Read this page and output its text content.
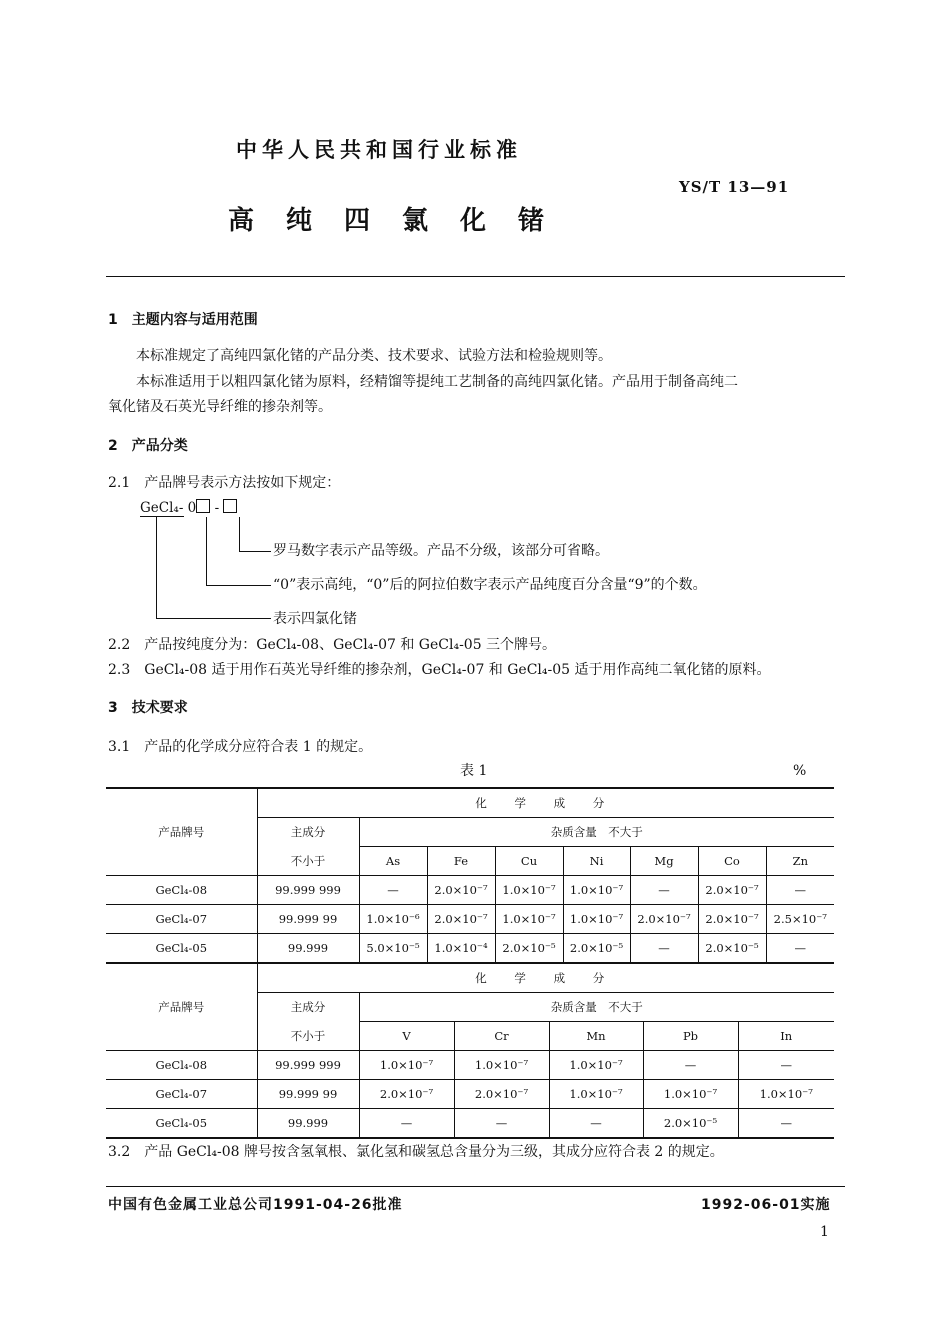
中华人民共和国行业标准
YS/T 13—91
高纯四氯化锗
1　主题内容与适用范围
本标准规定了高纯四氯化锗的产品分类、技术要求、试验方法和检验规则等。
本标准适用于以粗四氯化锗为原料，经精馏等提纯工艺制备的高纯四氯化锗。产品用于制备高纯二
氧化锗及石英光导纤维的掺杂剂等。
2　产品分类
2.1　产品牌号表示方法按如下规定：
GeCl₄- 0 -
罗马数字表示产品等级。产品不分级，该部分可省略。
“0”表示高纯，“0”后的阿拉伯数字表示产品纯度百分含量“9”的个数。
表示四氯化锗
2.2　产品按纯度分为：GeCl₄-08、GeCl₄-07 和 GeCl₄-05 三个牌号。
2.3　GeCl₄-08 适于用作石英光导纤维的掺杂剂，GeCl₄-07 和 GeCl₄-05 适于用作高纯二氧化锗的原料。
3　技术要求
3.1　产品的化学成分应符合表 1 的规定。
表 1	%
产品牌号	化 学 成 分							
	主成分	杂质含量　不大于						
	不小于	As	Fe	Cu	Ni	Mg	Co	Zn
GeCl₄-08	99.999 999	—	2.0×10⁻⁷	1.0×10⁻⁷	1.0×10⁻⁷	—	2.0×10⁻⁷	—
GeCl₄-07	99.999 99	1.0×10⁻⁶	2.0×10⁻⁷	1.0×10⁻⁷	1.0×10⁻⁷	2.0×10⁻⁷	2.0×10⁻⁷	2.5×10⁻⁷
GeCl₄-05	99.999	5.0×10⁻⁵	1.0×10⁻⁴	2.0×10⁻⁵	2.0×10⁻⁵	—	2.0×10⁻⁵	—
产品牌号	化 学 成 分					
	主成分	杂质含量　不大于				
	不小于	V	Cr	Mn	Pb	In
GeCl₄-08	99.999 999	1.0×10⁻⁷	1.0×10⁻⁷	1.0×10⁻⁷	—	—
GeCl₄-07	99.999 99	2.0×10⁻⁷	2.0×10⁻⁷	1.0×10⁻⁷	1.0×10⁻⁷	1.0×10⁻⁷
GeCl₄-05	99.999	—	—	—	2.0×10⁻⁵	—
3.2　产品 GeCl₄-08 牌号按含氢氧根、氯化氢和碳氢总含量分为三级，其成分应符合表 2 的规定。
中国有色金属工业总公司1991-04-26批准	1992-06-01实施
1
